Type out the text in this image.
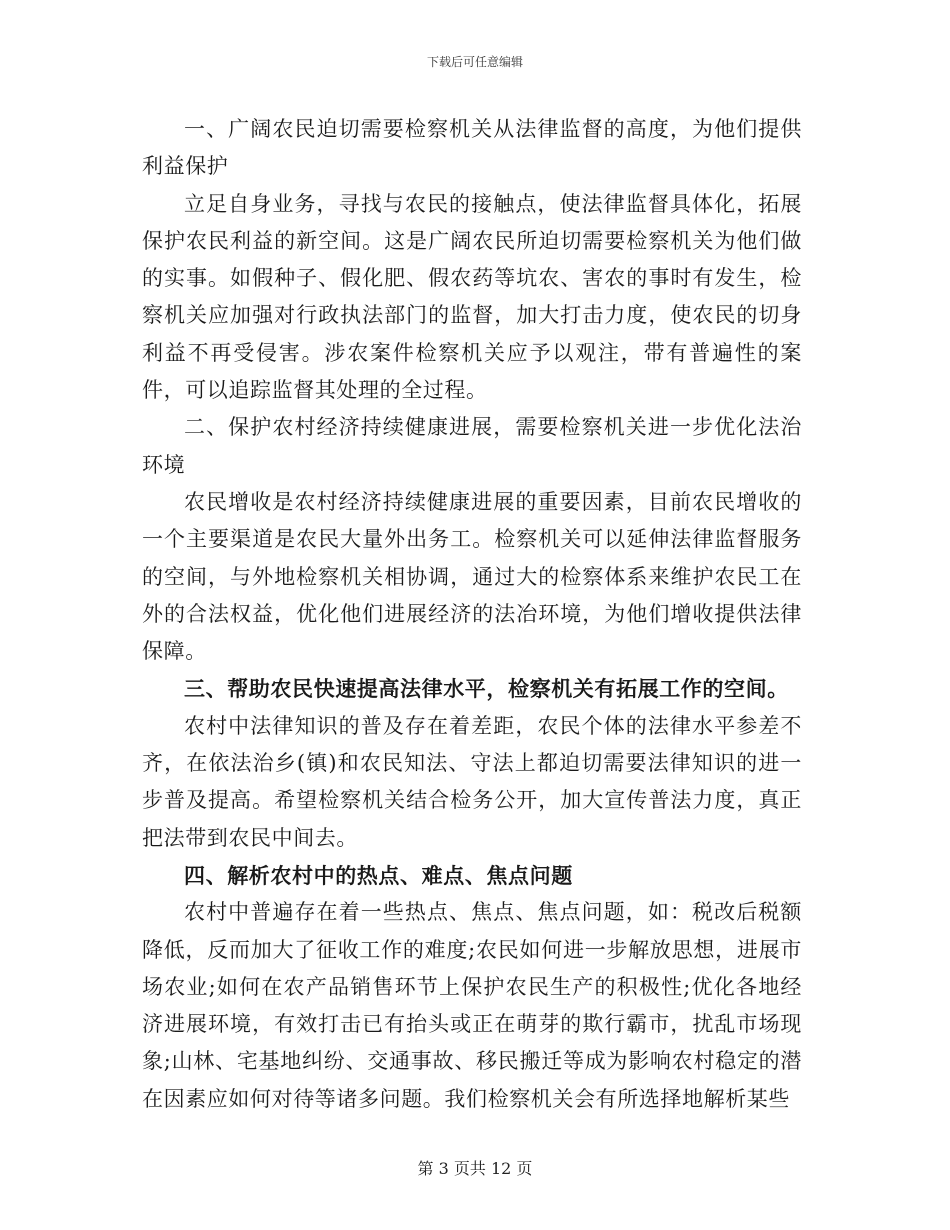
下载后可任意编辑

一、广阔农民迫切需要检察机关从法律监督的高度，为他们提供利益保护

立足自身业务，寻找与农民的接触点，使法律监督具体化，拓展保护农民利益的新空间。这是广阔农民所迫切需要检察机关为他们做的实事。如假种子、假化肥、假农药等坑农、害农的事时有发生，检察机关应加强对行政执法部门的监督，加大打击力度，使农民的切身利益不再受侵害。涉农案件检察机关应予以观注，带有普遍性的案件，可以追踪监督其处理的全过程。

二、保护农村经济持续健康进展，需要检察机关进一步优化法治环境

农民增收是农村经济持续健康进展的重要因素，目前农民增收的一个主要渠道是农民大量外出务工。检察机关可以延伸法律监督服务的空间，与外地检察机关相协调，通过大的检察体系来维护农民工在外的合法权益，优化他们进展经济的法冶环境，为他们增收提供法律保障。

三、帮助农民快速提高法律水平，检察机关有拓展工作的空间。

农村中法律知识的普及存在着差距，农民个体的法律水平参差不齐，在依法治乡(镇)和农民知法、守法上都迫切需要法律知识的进一步普及提高。希望检察机关结合检务公开，加大宣传普法力度，真正把法带到农民中间去。

四、解析农村中的热点、难点、焦点问题

农村中普遍存在着一些热点、焦点、焦点问题，如：税改后税额降低，反而加大了征收工作的难度;农民如何进一步解放思想，进展市场农业;如何在农产品销售环节上保护农民生产的积极性;优化各地经济进展环境，有效打击已有抬头或正在萌芽的欺行霸市，扰乱市场现象;山林、宅基地纠纷、交通事故、移民搬迁等成为影响农村稳定的潜在因素应如何对待等诸多问题。我们检察机关会有所选择地解析某些

第 3 页共 12 页
